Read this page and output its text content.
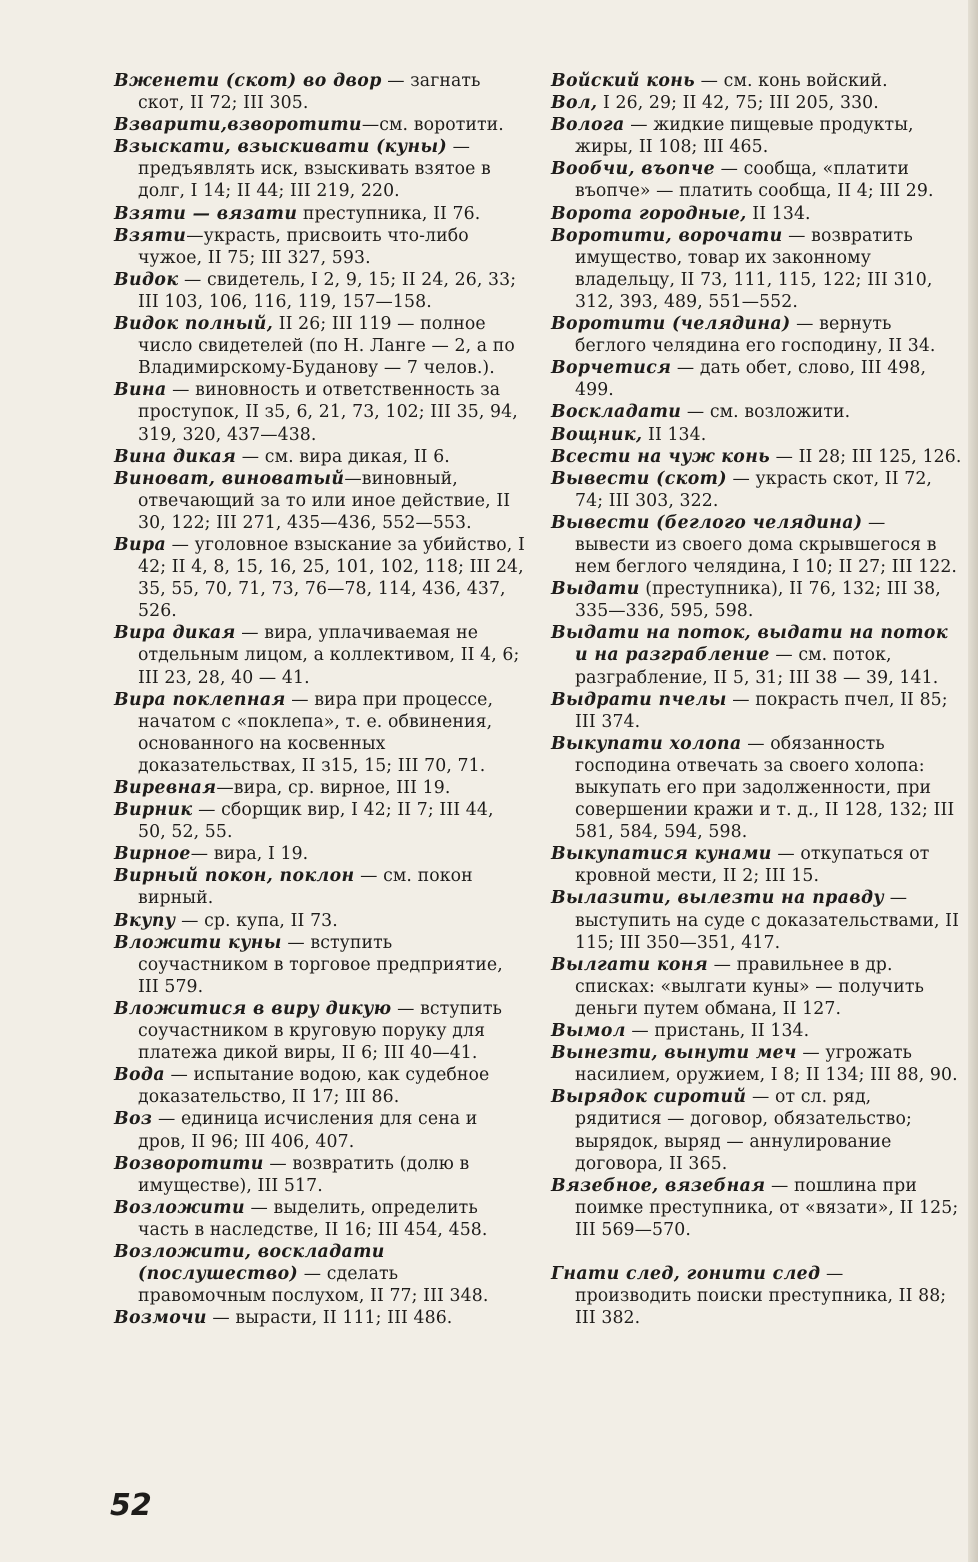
Вженети (скот) во двор — загнать скот, II 72; III 305.

Взварити,взворотити—см. воротити.

Взыскати, взыскивати (куны) — предъявлять иск, взыскивать взятое в долг, I 14; II 44; III 219, 220.

Взяти — вязати преступника, II 76.

Взяти—украсть, присвоить что-либо чужое, II 75; III 327, 593.

Видок — свидетель, I 2, 9, 15; II 24, 26, 33; III 103, 106, 116, 119, 157—158.

Видок полный, II 26; III 119 — полное число свидетелей (по Н. Ланге — 2, а по Владимирскому-Буданову — 7 челов.).

Вина — виновность и ответственность за проступок, II з5, 6, 21, 73, 102; III 35, 94, 319, 320, 437—438.

Вина дикая — см. вира дикая, II 6.

Виноват, виноватый—виновный, отвечающий за то или иное действие, II 30, 122; III 271, 435—436, 552—553.

Вира — уголовное взыскание за убийство, I 42; II 4, 8, 15, 16, 25, 101, 102, 118; III 24, 35, 55, 70, 71, 73, 76—78, 114, 436, 437, 526.

Вира дикая — вира, уплачиваемая не отдельным лицом, а коллективом, II 4, 6; III 23, 28, 40 — 41.

Вира поклепная — вира при процессе, начатом с «поклепа», т. е. обвинения, основанного на косвенных доказательствах, II з15, 15; III 70, 71.

Виревная—вира, ср. вирное, III 19.

Вирник — сборщик вир, I 42; II 7; III 44, 50, 52, 55.

Вирное— вира, I 19.

Вирный покон, поклон — см. покон вирный.

Вкупу — ср. купа, II 73.

Вложити куны — вступить соучастником в торговое предприятие, III 579.

Вложитися в виру дикую — вступить соучастником в круговую поруку для платежа дикой виры, II 6; III 40—41.

Вода — испытание водою, как судебное доказательство, II 17; III 86.

Воз — единица исчисления для сена и дров, II 96; III 406, 407.

Возворотити — возвратить (долю в имуществе), III 517.

Возложити — выделить, определить часть в наследстве, II 16; III 454, 458.

Возложити, воскладати (послушество) — сделать правомочным послухом, II 77; III 348.

Возмочи — вырасти, II 111; III 486.

Войский конь — см. конь войский.

Вол, I 26, 29; II 42, 75; III 205, 330.

Волога — жидкие пищевые продукты, жиры, II 108; III 465.

Вообчи, въопче — сообща, «платити въопче» — платить сообща, II 4; III 29.

Ворота городные, II 134.

Воротити, ворочати — возвратить имущество, товар их законному владельцу, II 73, 111, 115, 122; III 310, 312, 393, 489, 551—552.

Воротити (челядина) — вернуть беглого челядина его господину, II 34.

Ворчетися — дать обет, слово, III 498, 499.

Воскладати — см. возложити.

Вощник, II 134.

Всести на чуж конь — II 28; III 125, 126.

Вывести (скот) — украсть скот, II 72, 74; III 303, 322.

Вывести (беглого челядина) — вывести из своего дома скрывшегося в нем беглого челядина, I 10; II 27; III 122.

Выдати (преступника), II 76, 132; III 38, 335—336, 595, 598.

Выдати на поток, выдати на поток и на разграбление — см. поток, разграбление, II 5, 31; III 38 — 39, 141.

Выдрати пчелы — покрасть пчел, II 85; III 374.

Выкупати холопа — обязанность господина отвечать за своего холопа: выкупать его при задолженности, при совершении кражи и т. д., II 128, 132; III 581, 584, 594, 598.

Выкупатися кунами — откупаться от кровной мести, II 2; III 15.

Вылазити, вылезти на правду — выступить на суде с доказательствами, II 115; III 350—351, 417.

Вылгати коня — правильнее в др. списках: «вылгати куны» — получить деньги путем обмана, II 127.

Вымол — пристань, II 134.

Вынезти, вынути меч — угрожать насилием, оружием, I 8; II 134; III 88, 90.

Вырядок сиротий — от сл. ряд, рядитися — договор, обязательство; вырядок, выряд — аннулирование договора, II 365.

Вязебное, вязебная — пошлина при поимке преступника, от «вязати», II 125; III 569—570.

Гнати след, гонити след — производить поиски преступника, II 88; III 382.

52
